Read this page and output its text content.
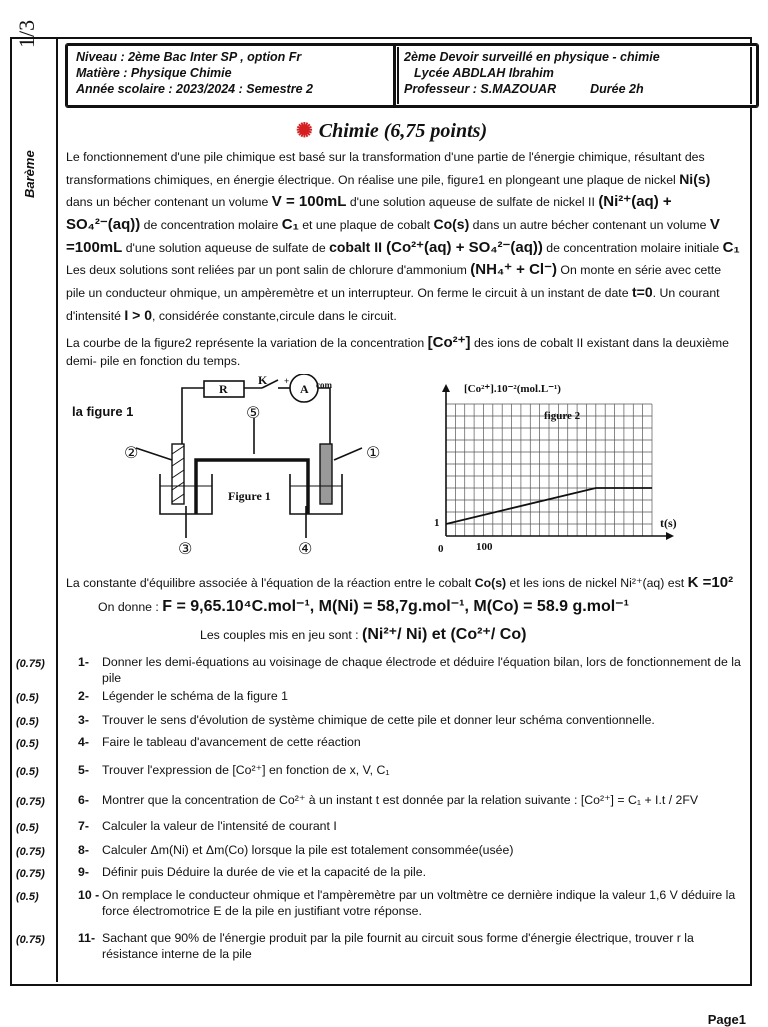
1/3
Barème
Niveau : 2ème Bac Inter SP , option Fr
Matière : Physique Chimie
Année scolaire : 2023/2024 : Semestre 2
2ème Devoir surveillé en physique - chimie
Lycée ABDLAH Ibrahim
Professeur : S.MAZOUAR	Durée 2h
✺ Chimie (6,75 points)
Le fonctionnement d'une pile chimique est basé sur la transformation d'une partie de l'énergie chimique, résultant des transformations chimiques, en énergie électrique. On réalise une pile, figure1 en plongeant une plaque de nickel Ni(s) dans un bécher contenant un volume V = 100mL d'une solution aqueuse de sulfate de nickel II (Ni²⁺(aq) + SO₄²⁻(aq)) de concentration molaire C₁ et une plaque de cobalt Co(s) dans un autre bécher contenant un volume V =100mL d'une solution aqueuse de sulfate de cobalt II (Co²⁺(aq) + SO₄²⁻(aq)) de concentration molaire initiale C₁ Les deux solutions sont reliées par un pont salin de chlorure d'ammonium (NH₄⁺ + Cl⁻) On monte en série avec cette pile un conducteur ohmique, un ampèremètre et un interrupteur. On ferme le circuit à un instant de date t=0. Un courant d'intensité I > 0, considérée constante,circule dans le circuit.
La courbe de la figure2 représente la variation de la concentration [Co²⁺] des ions de cobalt II existant dans la deuxième demi- pile en fonction du temps.
R
K
A
+	com
Figure 1
la figure 1
①
②
③	④
⑤
[Co²⁺].10⁻²(mol.L⁻¹)
figure 2
t(s)
0	100
1
La constante d'équilibre associée à l'équation de la réaction entre le cobalt Co(s) et les ions de nickel Ni²⁺(aq) est K =10²
On donne : F = 9,65.10⁴C.mol⁻¹, M(Ni) = 58,7g.mol⁻¹, M(Co) = 58.9 g.mol⁻¹
Les couples mis en jeu sont : (Ni²⁺/ Ni) et (Co²⁺/ Co)
(0.75)	1- Donner les demi-équations au voisinage de chaque électrode et déduire l'équation bilan, lors de fonctionnement de la pile
(0.5)	2- Légender le schéma de la figure 1
(0.5)	3- Trouver le sens d'évolution de système chimique de cette pile et donner leur schéma conventionnelle.
(0.5)	4- Faire le tableau d'avancement de cette réaction
(0.5)	5- Trouver l'expression de [Co²⁺] en fonction de x, V, C₁
(0.75)	6- Montrer que la concentration de Co²⁺ à un instant t est donnée par la relation suivante : [Co²⁺] = C₁ + I.t / 2FV
(0.5)	7- Calculer la valeur de l'intensité de courant I
(0.75)	8- Calculer Δm(Ni) et Δm(Co) lorsque la pile est totalement consommée(usée)
(0.75)	9- Définir puis Déduire la durée de vie et la capacité de la pile.
(0.5)	10 - On remplace le conducteur ohmique et l'ampèremètre par un voltmètre ce dernière indique la valeur 1,6 V déduire la force électromotrice E de la pile en justifiant votre réponse.
(0.75)	11- Sachant que 90% de l'énergie produit par la pile fournit au circuit sous forme d'énergie électrique, trouver r la résistance interne de la pile
Page1
